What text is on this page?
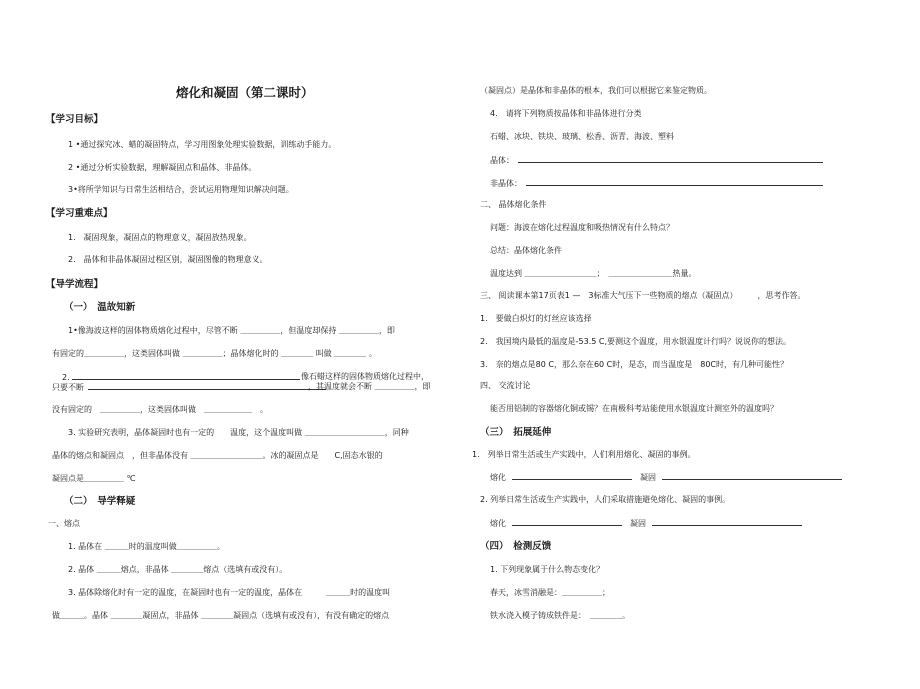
熔化和凝固（第二课时）
【学习目标】
1 •通过探究冰、蜡的凝固特点，学习用图象处理实验数据，训练动手能力。
2 •通过分析实验数据，理解凝固点和晶体、非晶体。
3•将所学知识与日常生活相结合，尝试运用物理知识解决问题。
【学习重难点】
1.　凝固现象，凝固点的物理意义，凝固放热现象。
2.　晶体和非晶体凝固过程区别，凝固图像的物理意义。
【导学流程】
（一）　温故知新
1•像海波这样的固体物质熔化过程中，尽管不断 ＿＿＿＿＿，但温度却保持 ＿＿＿＿＿，即
有固定的＿＿＿＿＿，这类固体叫做 ＿＿＿＿＿；晶体熔化时的 ＿＿＿＿ 叫做 ＿＿＿＿ 。
2.	像石蜡这样的固体物质熔化过程中，
只要不断	，其温度就会不断 ＿＿＿＿＿，即
没有固定的　＿＿＿＿＿，这类固体叫做　＿＿＿＿＿＿　。
3. 实验研究表明，晶体凝固时也有一定的　　温度，这个温度叫做 ＿＿＿＿＿＿＿＿＿＿，同种
晶体的熔点和凝固点　，但非晶体没有 ＿＿＿＿＿＿＿＿＿。冰的凝固点是　　C,固态水银的
凝固点是＿＿＿＿＿ ℃
（二）　导学释疑
一、熔点
1. 晶体在 ＿＿＿时的温度叫做＿＿＿＿＿。
2. 晶体 ＿＿＿熔点，非晶体 ＿＿＿＿熔点（选填有或没有）。
3. 晶体除熔化时有一定的温度，在凝固时也有一定的温度，晶体在　　　＿＿＿时的温度叫
做＿＿＿。晶体 ＿＿＿＿凝固点，非晶体 ＿＿＿＿凝固点（选填有或没有），有没有确定的熔点
（凝固点）是晶体和非晶体的根本，我们可以根据它来鉴定物质。
4.　请将下列物质按晶体和非晶体进行分类
石蜡、冰块、铁块、玻璃、松香、沥青、海波、塑料
晶体：
非晶体：
二、 晶体熔化条件
问题：海波在熔化过程温度和吸热情况有什么特点？
总结：晶体熔化条件
温度达到 ＿＿＿＿＿＿＿＿＿；　＿＿＿＿＿＿＿＿热量。
三、 阅读课本第17页表1 —　3标准大气压下一些物质的熔点（凝固点）　　　，思考作答。
1.　要做白炽灯的灯丝应该选择
2.　我国境内最低的温度是-53.5 C,要测这个温度，用水银温度计行吗？说说你的想法。
3.　奈的熔点是80 C，那么奈在60 C时，是态，而当温度是　80C时，有几种可能性？
四、 交流讨论
能否用铝制的容器熔化铜或锡？在南极科考站能使用水银温度计测室外的温度吗？
（三）　拓展延伸
1.　列举日常生活或生产实践中，人们利用熔化、凝固的事例。
熔化	凝固
2. 列举日常生活或生产实践中，人们采取措施避免熔化、凝固的事例。
熔化	凝固
（四）　检测反馈
1. 下列现象属于什么物态变化？
春天，冰雪消融是：＿＿＿＿＿；
铁水浇入模子铸成铁件是：　＿＿＿＿。
